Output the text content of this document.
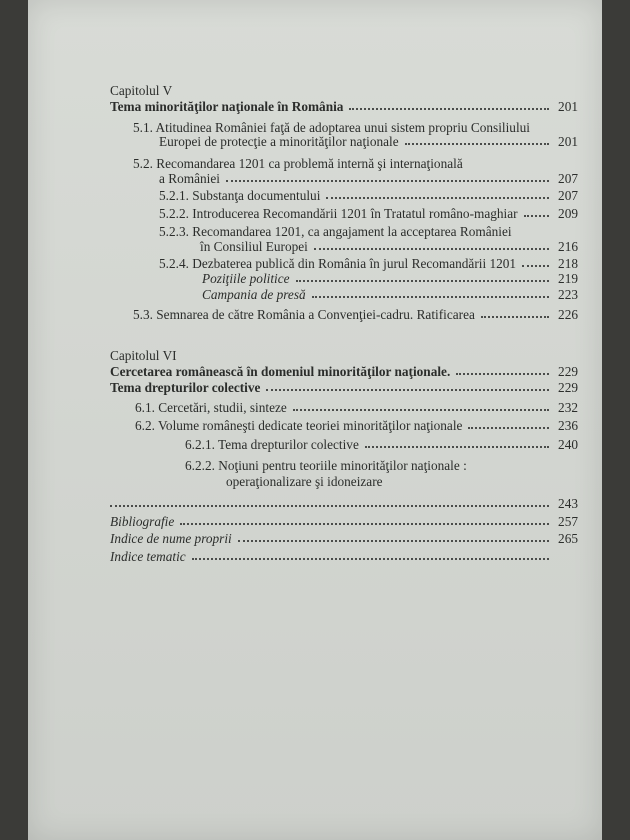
Capitolul V
Tema minorităţilor naţionale în România	201
5.1. Atitudinea României faţă de adoptarea unui sistem propriu Consiliului
Europei de protecţie a minorităţilor naţionale	201
5.2. Recomandarea 1201 ca problemă internă şi internaţională
a României	207
5.2.1. Substanţa documentului	207
5.2.2. Introducerea Recomandării 1201 în Tratatul româno-maghiar	209
5.2.3. Recomandarea 1201, ca angajament la acceptarea României
în Consiliul Europei	216
5.2.4. Dezbaterea publică din România în jurul Recomandării 1201	218
Poziţiile politice	219
Campania de presă	223
5.3. Semnarea de către România a Convenţiei-cadru. Ratificarea	226
Capitolul VI
Cercetarea românească în domeniul minorităţilor naţionale.	229
Tema drepturilor colective	229
6.1. Cercetări, studii, sinteze	232
6.2. Volume româneşti dedicate teoriei minorităţilor naţionale	236
6.2.1. Tema drepturilor colective	240
6.2.2. Noţiuni pentru teoriile minorităţilor naţionale :
operaţionalizare şi idoneizare
243
Bibliografie	257
Indice de nume proprii	265
Indice tematic
